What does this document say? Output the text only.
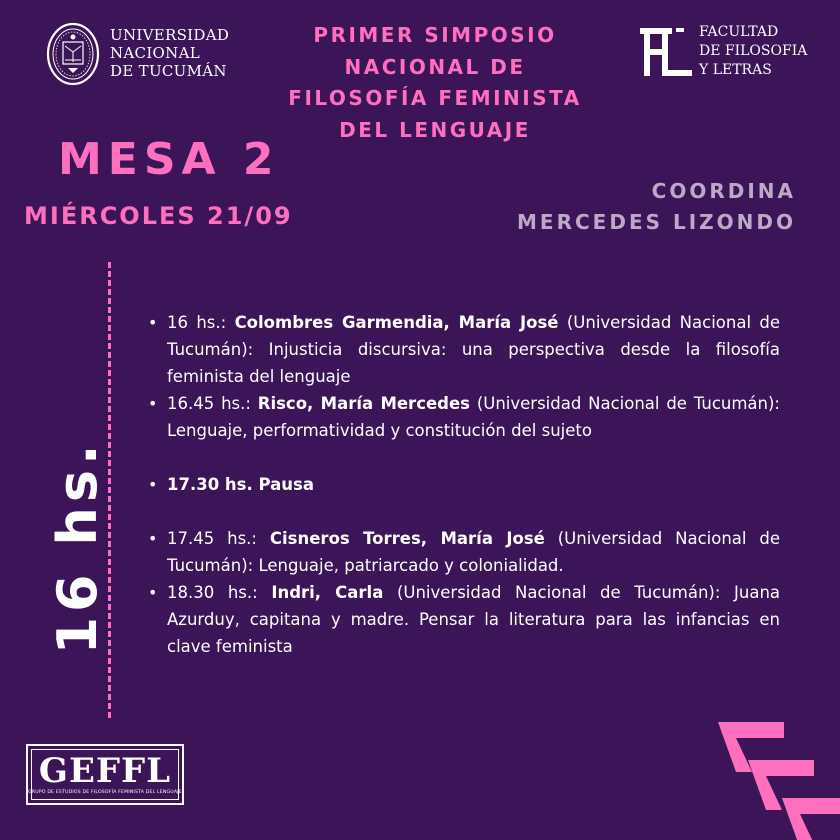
UNIVERSIDAD
NACIONAL
DE TUCUMÁN
PRIMER SIMPOSIO
NACIONAL DE
FILOSOFÍA FEMINISTA
DEL LENGUAJE
FACULTAD
DE FILOSOFIA
Y LETRAS
MESA 2
MIÉRCOLES 21/09
COORDINA
MERCEDES LIZONDO
16 hs.
• 16 hs.: Colombres Garmendia, María José (Universidad Nacional de Tucumán): Injusticia discursiva: una perspectiva desde la filosofía feminista del lenguaje
• 16.45 hs.: Risco, María Mercedes (Universidad Nacional de Tucumán): Lenguaje, performatividad y constitución del sujeto
• 17.30 hs. Pausa
• 17.45 hs.: Cisneros Torres, María José (Universidad Nacional de Tucumán): Lenguaje, patriarcado y colonialidad.
• 18.30 hs.: Indri, Carla (Universidad Nacional de Tucumán): Juana Azurduy, capitana y madre. Pensar la literatura para las infancias en clave feminista
GEFFL
GRUPO DE ESTUDIOS DE FILOSOFÍA FEMINISTA DEL LENGUAJE
